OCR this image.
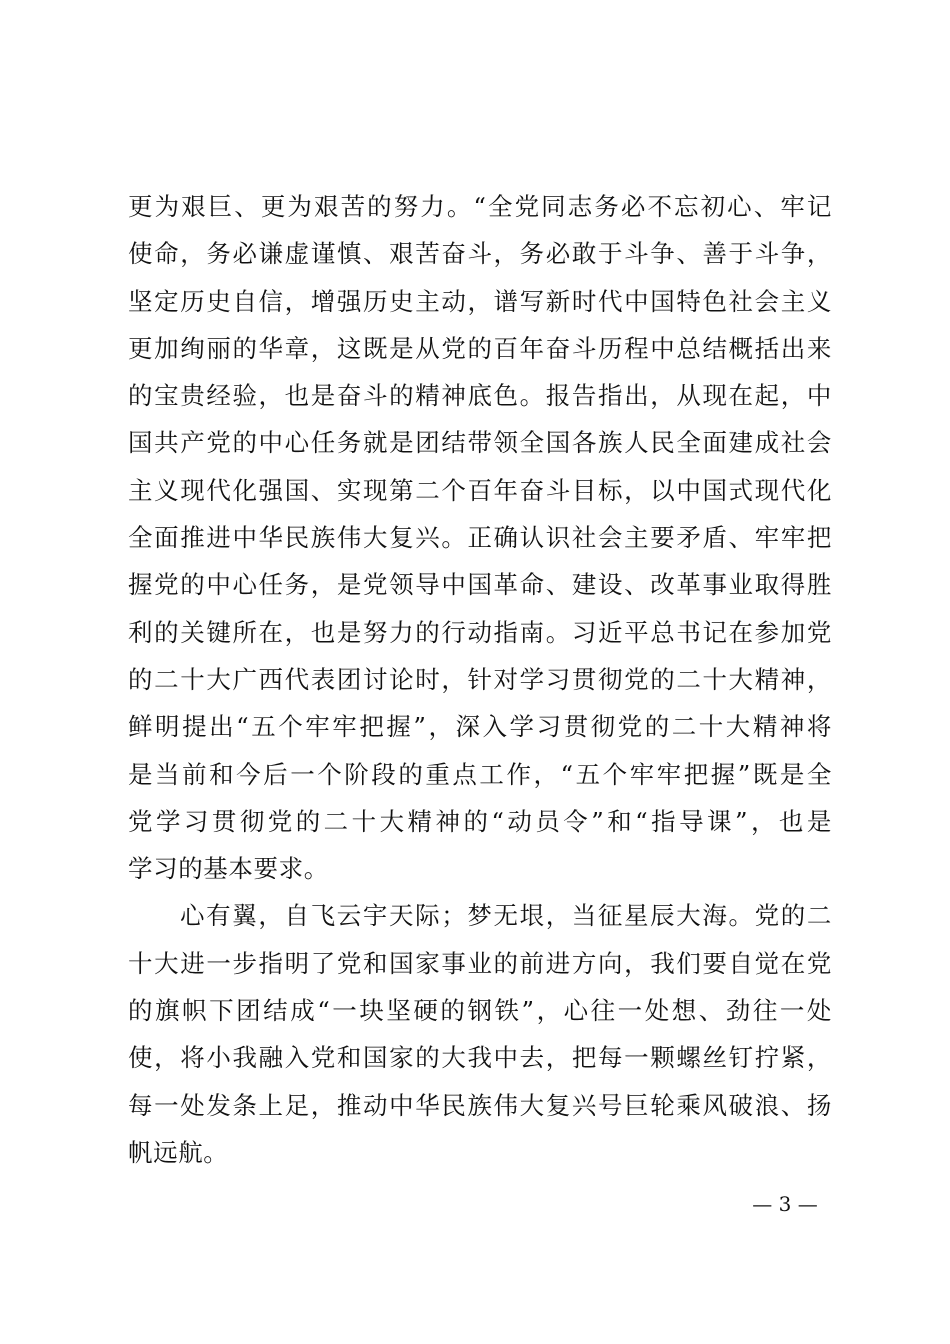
更为艰巨、更为艰苦的努力。“全党同志务必不忘初心、牢记
使命，务必谦虚谨慎、艰苦奋斗，务必敢于斗争、善于斗争，
坚定历史自信，增强历史主动，谱写新时代中国特色社会主义
更加绚丽的华章，这既是从党的百年奋斗历程中总结概括出来
的宝贵经验，也是奋斗的精神底色。报告指出，从现在起，中
国共产党的中心任务就是团结带领全国各族人民全面建成社会
主义现代化强国、实现第二个百年奋斗目标，以中国式现代化
全面推进中华民族伟大复兴。正确认识社会主要矛盾、牢牢把
握党的中心任务，是党领导中国革命、建设、改革事业取得胜
利的关键所在，也是努力的行动指南。习近平总书记在参加党
的二十大广西代表团讨论时，针对学习贯彻党的二十大精神，
鲜明提出“五个牢牢把握”，深入学习贯彻党的二十大精神将
是当前和今后一个阶段的重点工作，“五个牢牢把握”既是全
党学习贯彻党的二十大精神的“动员令”和“指导课”，也是
学习的基本要求。
心有翼，自飞云宇天际；梦无垠，当征星辰大海。党的二
十大进一步指明了党和国家事业的前进方向，我们要自觉在党
的旗帜下团结成“一块坚硬的钢铁”，心往一处想、劲往一处
使，将小我融入党和国家的大我中去，把每一颗螺丝钉拧紧，
每一处发条上足，推动中华民族伟大复兴号巨轮乘风破浪、扬
帆远航。
— 3 —
